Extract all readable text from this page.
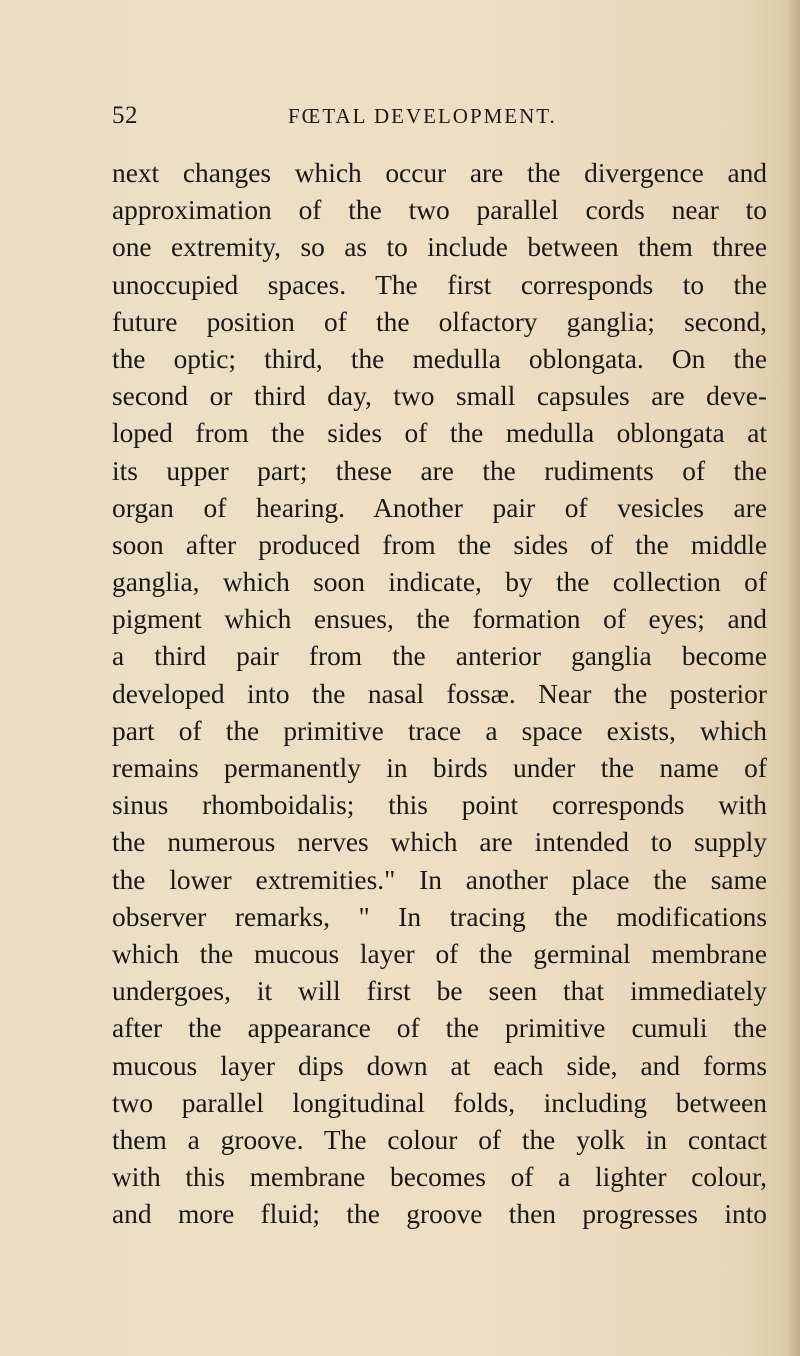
52	FŒTAL DEVELOPMENT.
next changes which occur are the divergence and
approximation of the two parallel cords near to
one extremity, so as to include between them three
unoccupied spaces. The first corresponds to the
future position of the olfactory ganglia; second,
the optic; third, the medulla oblongata. On the
second or third day, two small capsules are deve-
loped from the sides of the medulla oblongata at
its upper part; these are the rudiments of the
organ of hearing. Another pair of vesicles are
soon after produced from the sides of the middle
ganglia, which soon indicate, by the collection of
pigment which ensues, the formation of eyes; and
a third pair from the anterior ganglia become
developed into the nasal fossæ. Near the posterior
part of the primitive trace a space exists, which
remains permanently in birds under the name of
sinus rhomboidalis; this point corresponds with
the numerous nerves which are intended to supply
the lower extremities." In another place the same
observer remarks, " In tracing the modifications
which the mucous layer of the germinal membrane
undergoes, it will first be seen that immediately
after the appearance of the primitive cumuli the
mucous layer dips down at each side, and forms
two parallel longitudinal folds, including between
them a groove. The colour of the yolk in contact
with this membrane becomes of a lighter colour,
and more fluid; the groove then progresses into
